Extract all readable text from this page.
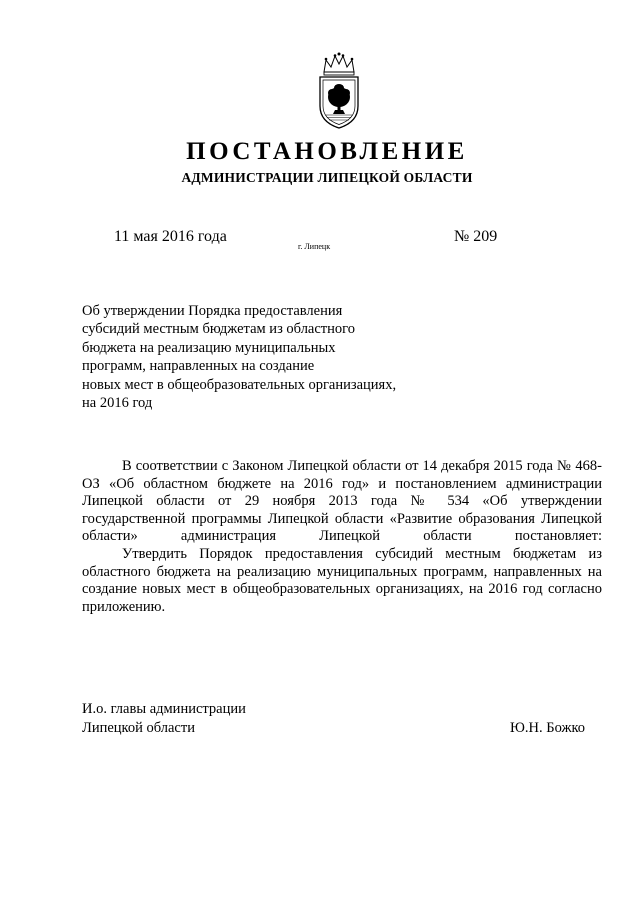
ПОСТАНОВЛЕНИЕ
АДМИНИСТРАЦИИ ЛИПЕЦКОЙ ОБЛАСТИ

11 мая 2016 года

г. Липецк

№ 209

Об утверждении Порядка предоставления
субсидий местным бюджетам из областного
бюджета на реализацию муниципальных
программ, направленных на создание
новых мест в общеобразовательных организациях,
на 2016 год

В соответствии с Законом Липецкой области от 14 декабря 2015 года № 468-ОЗ «Об областном бюджете на 2016 год» и постановлением администрации Липецкой области от 29 ноября 2013 года № 534 «Об утверждении государственной программы Липецкой области «Развитие образования Липецкой области» администрация Липецкой области постановляет:

Утвердить Порядок предоставления субсидий местным бюджетам из областного бюджета на реализацию муниципальных программ, направленных на создание новых мест в общеобразовательных организациях, на 2016 год согласно приложению.

И.о. главы администрации
Липецкой области	Ю.Н. Божко
